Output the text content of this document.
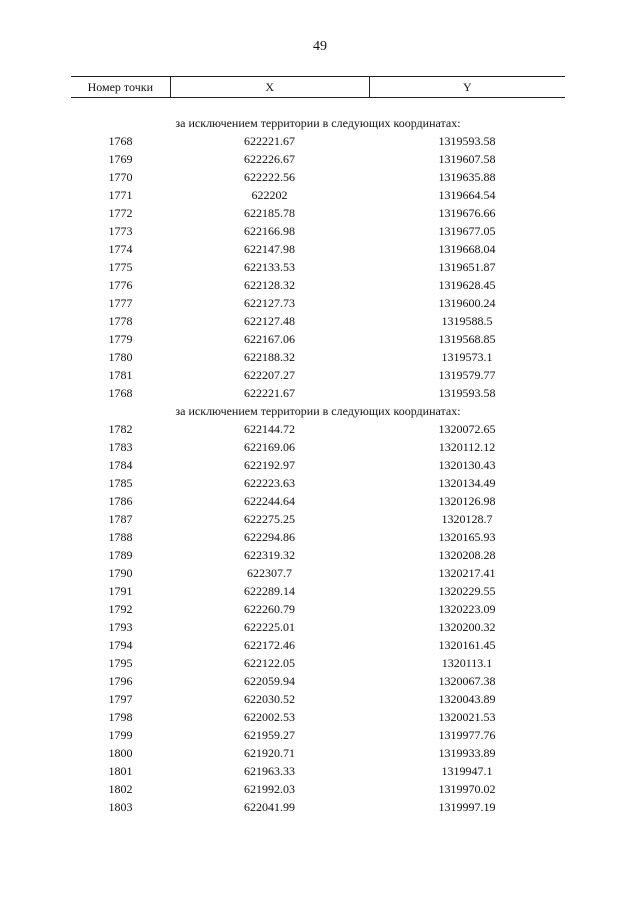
49
Номер точки	X	Y
за исключением территории в следующих координатах:
1768	622221.67	1319593.58
1769	622226.67	1319607.58
1770	622222.56	1319635.88
1771	622202	1319664.54
1772	622185.78	1319676.66
1773	622166.98	1319677.05
1774	622147.98	1319668.04
1775	622133.53	1319651.87
1776	622128.32	1319628.45
1777	622127.73	1319600.24
1778	622127.48	1319588.5
1779	622167.06	1319568.85
1780	622188.32	1319573.1
1781	622207.27	1319579.77
1768	622221.67	1319593.58
за исключением территории в следующих координатах:
1782	622144.72	1320072.65
1783	622169.06	1320112.12
1784	622192.97	1320130.43
1785	622223.63	1320134.49
1786	622244.64	1320126.98
1787	622275.25	1320128.7
1788	622294.86	1320165.93
1789	622319.32	1320208.28
1790	622307.7	1320217.41
1791	622289.14	1320229.55
1792	622260.79	1320223.09
1793	622225.01	1320200.32
1794	622172.46	1320161.45
1795	622122.05	1320113.1
1796	622059.94	1320067.38
1797	622030.52	1320043.89
1798	622002.53	1320021.53
1799	621959.27	1319977.76
1800	621920.71	1319933.89
1801	621963.33	1319947.1
1802	621992.03	1319970.02
1803	622041.99	1319997.19
